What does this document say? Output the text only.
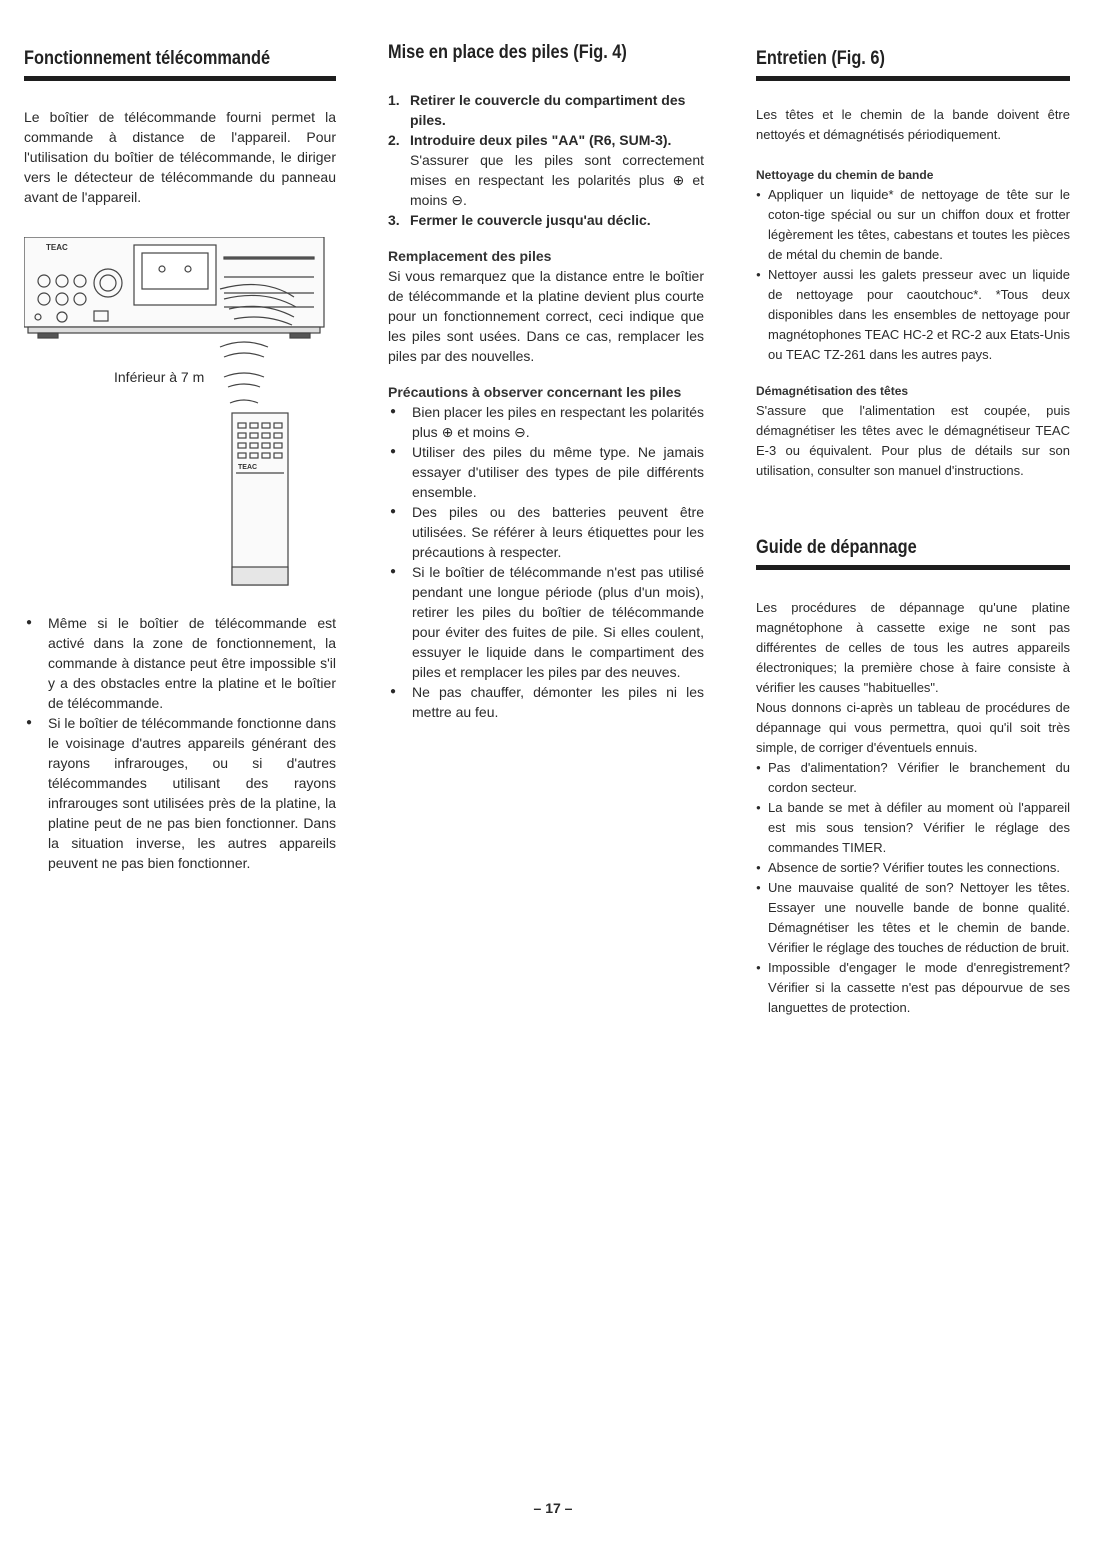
Fonctionnement télécommandé

Le boîtier de télécommande fourni permet la commande à distance de l'appareil. Pour l'utilisation du boîtier de télécommande, le diriger vers le détecteur de télécommande du panneau avant de l'appareil.

TEAC
TEAC
Inférieur à 7 m
● Même si le boîtier de télécommande est activé dans la zone de fonctionnement, la commande à distance peut être impossible s'il y a des obstacles entre la platine et le boîtier de télécommande.
● Si le boîtier de télécommande fonctionne dans le voisinage d'autres appareils générant des rayons infrarouges, ou si d'autres télécommandes utilisant des rayons infrarouges sont utilisées près de la platine, la platine peut de ne pas bien fonctionner. Dans la situation inverse, les autres appareils peuvent ne pas bien fonctionner.
Mise en place des piles (Fig. 4)
1. Retirer le couvercle du compartiment des piles.
2. Introduire deux piles "AA" (R6, SUM-3).
S'assurer que les piles sont correctement mises en respectant les polarités plus ⊕ et moins ⊖.
3. Fermer le couvercle jusqu'au déclic.

Remplacement des piles

Si vous remarquez que la distance entre le boîtier de télécommande et la platine devient plus courte pour un fonctionnement correct, ceci indique que les piles sont usées. Dans ce cas, remplacer les piles par des nouvelles.

Précautions à observer concernant les piles

● Bien placer les piles en respectant les polarités plus ⊕ et moins ⊖.
● Utiliser des piles du même type. Ne jamais essayer d'utiliser des types de pile différents ensemble.
● Des piles ou des batteries peuvent être utilisées. Se référer à leurs étiquettes pour les précautions à respecter.
● Si le boîtier de télécommande n'est pas utilisé pendant une longue période (plus d'un mois), retirer les piles du boîtier de télécommande pour éviter des fuites de pile. Si elles coulent, essuyer le liquide dans le compartiment des piles et remplacer les piles par des neuves.
● Ne pas chauffer, démonter les piles ni les mettre au feu.
Entretien (Fig. 6)

Les têtes et le chemin de la bande doivent être nettoyés et démagnétisés périodiquement.

Nettoyage du chemin de bande

● Appliquer un liquide* de nettoyage de tête sur le coton-tige spécial ou sur un chiffon doux et frotter légèrement les têtes, cabestans et toutes les pièces de métal du chemin de bande.
● Nettoyer aussi les galets presseur avec un liquide de nettoyage pour caoutchouc*. *Tous deux disponibles dans les ensembles de nettoyage pour magnétophones TEAC HC-2 et RC-2 aux Etats-Unis ou TEAC TZ-261 dans les autres pays.

Démagnétisation des têtes

S'assure que l'alimentation est coupée, puis démagnétiser les têtes avec le démagnétiseur TEAC E-3 ou équivalent. Pour plus de détails sur son utilisation, consulter son manuel d'instructions.

Guide de dépannage

Les procédures de dépannage qu'une platine magnétophone à cassette exige ne sont pas différentes de celles de tous les autres appareils électroniques; la première chose à faire consiste à vérifier les causes "habituelles".

Nous donnons ci-après un tableau de procédures de dépannage qui vous permettra, quoi qu'il soit très simple, de corriger d'éventuels ennuis.

● Pas d'alimentation? Vérifier le branchement du cordon secteur.
● La bande se met à défiler au moment où l'appareil est mis sous tension? Vérifier le réglage des commandes TIMER.
● Absence de sortie? Vérifier toutes les connections.
● Une mauvaise qualité de son? Nettoyer les têtes. Essayer une nouvelle bande de bonne qualité. Démagnétiser les têtes et le chemin de bande. Vérifier le réglage des touches de réduction de bruit.
● Impossible d'engager le mode d'enregistrement? Vérifier si la cassette n'est pas dépourvue de ses languettes de protection.
– 17 –
